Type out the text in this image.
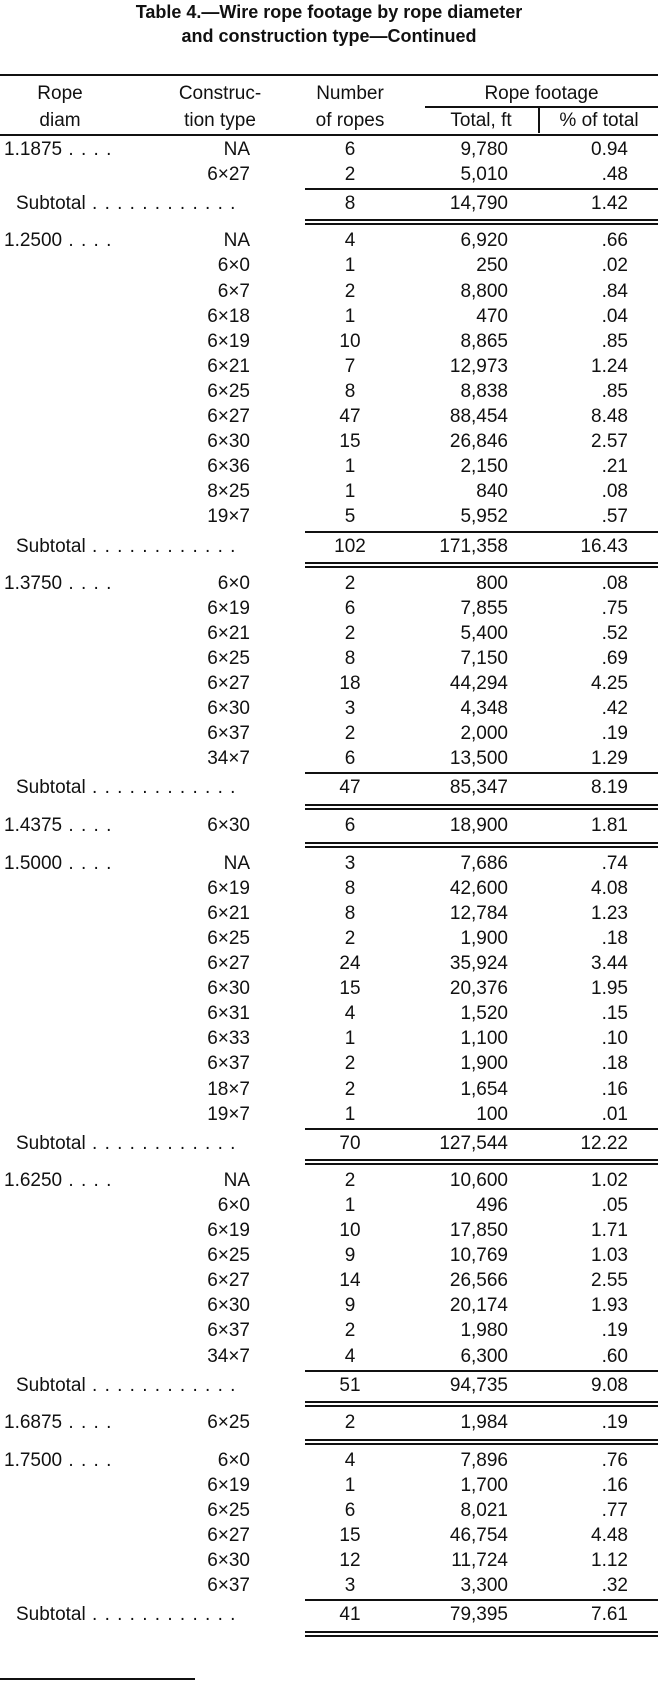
Table 4.—Wire rope footage by rope diameter
and construction type—Continued
Rope
diam
Construc-
tion type
Number
of ropes
Rope footage
Total, ft	% of total
1.1875 . . . .	NA	6	9,780	0.94
6×27	2	5,010	.48
Subtotal . . . . . . . . . . . .	8	14,790	1.42
1.2500 . . . .	NA	4	6,920	.66
6×0	1	250	.02
6×7	2	8,800	.84
6×18	1	470	.04
6×19	10	8,865	.85
6×21	7	12,973	1.24
6×25	8	8,838	.85
6×27	47	88,454	8.48
6×30	15	26,846	2.57
6×36	1	2,150	.21
8×25	1	840	.08
19×7	5	5,952	.57
Subtotal . . . . . . . . . . . .	102	171,358	16.43
1.3750 . . . .	6×0	2	800	.08
6×19	6	7,855	.75
6×21	2	5,400	.52
6×25	8	7,150	.69
6×27	18	44,294	4.25
6×30	3	4,348	.42
6×37	2	2,000	.19
34×7	6	13,500	1.29
Subtotal . . . . . . . . . . . .	47	85,347	8.19
1.4375 . . . .	6×30	6	18,900	1.81
1.5000 . . . .	NA	3	7,686	.74
6×19	8	42,600	4.08
6×21	8	12,784	1.23
6×25	2	1,900	.18
6×27	24	35,924	3.44
6×30	15	20,376	1.95
6×31	4	1,520	.15
6×33	1	1,100	.10
6×37	2	1,900	.18
18×7	2	1,654	.16
19×7	1	100	.01
Subtotal . . . . . . . . . . . .	70	127,544	12.22
1.6250 . . . .	NA	2	10,600	1.02
6×0	1	496	.05
6×19	10	17,850	1.71
6×25	9	10,769	1.03
6×27	14	26,566	2.55
6×30	9	20,174	1.93
6×37	2	1,980	.19
34×7	4	6,300	.60
Subtotal . . . . . . . . . . . .	51	94,735	9.08
1.6875 . . . .	6×25	2	1,984	.19
1.7500 . . . .	6×0	4	7,896	.76
6×19	1	1,700	.16
6×25	6	8,021	.77
6×27	15	46,754	4.48
6×30	12	11,724	1.12
6×37	3	3,300	.32
Subtotal . . . . . . . . . . . .	41	79,395	7.61
